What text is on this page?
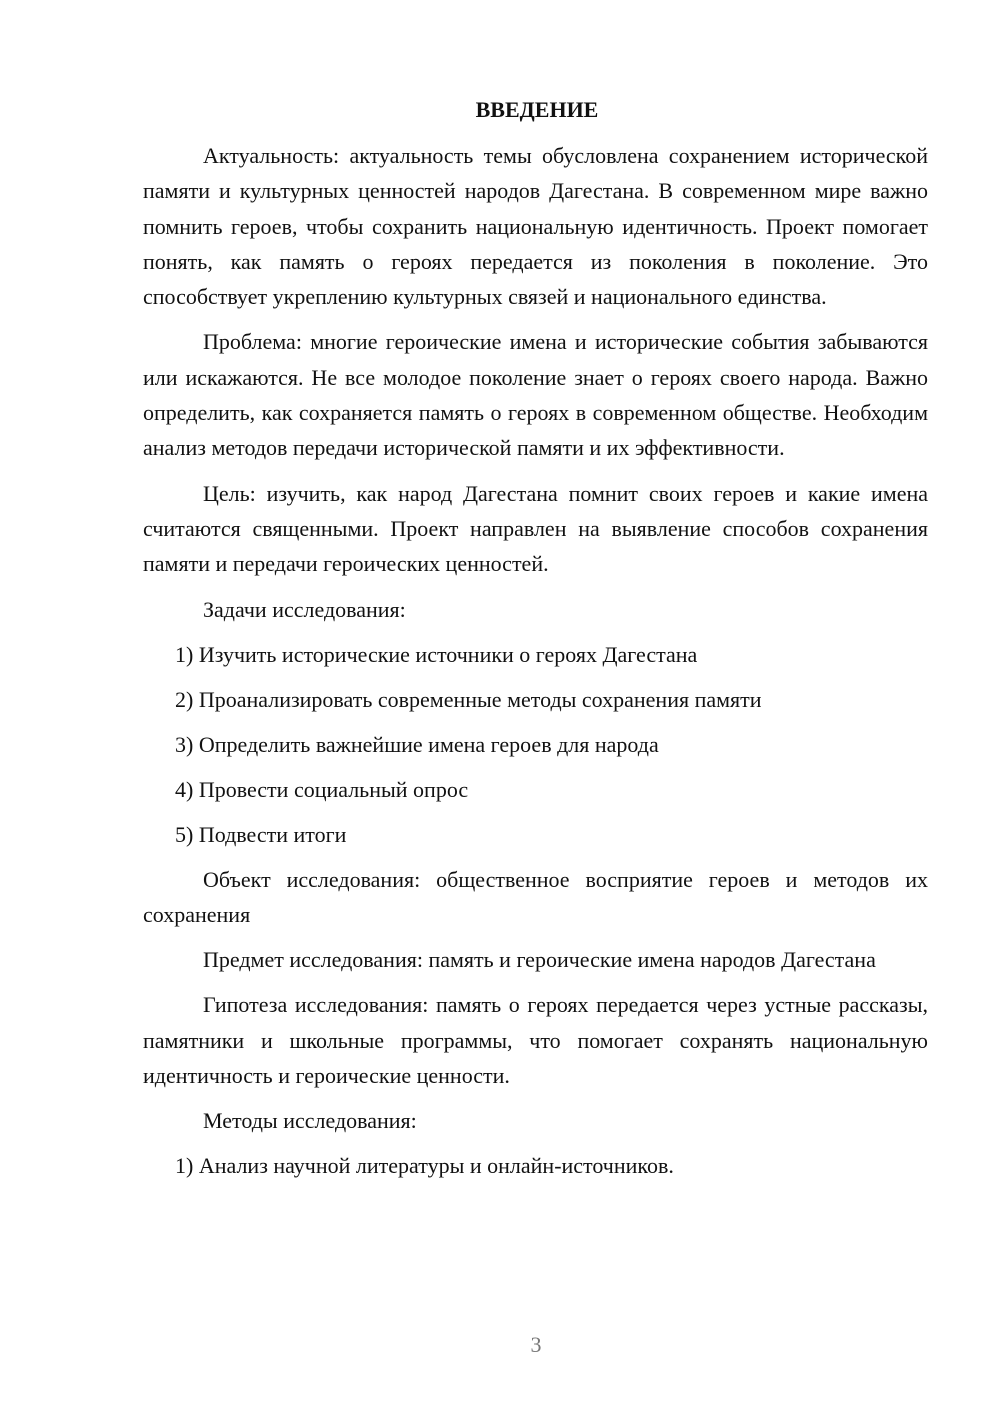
ВВЕДЕНИЕ

Актуальность: актуальность темы обусловлена сохранением исторической памяти и культурных ценностей народов Дагестана. В современном мире важно помнить героев, чтобы сохранить национальную идентичность. Проект помогает понять, как память о героях передается из поколения в поколение. Это способствует укреплению культурных связей и национального единства.

Проблема: многие героические имена и исторические события забываются или искажаются. Не все молодое поколение знает о героях своего народа. Важно определить, как сохраняется память о героях в современном обществе. Необходим анализ методов передачи исторической памяти и их эффективности.

Цель: изучить, как народ Дагестана помнит своих героев и какие имена считаются священными. Проект направлен на выявление способов сохранения памяти и передачи героических ценностей.

Задачи исследования:
1) Изучить исторические источники о героях Дагестана
2) Проанализировать современные методы сохранения памяти
3) Определить важнейшие имена героев для народа
4) Провести социальный опрос
5) Подвести итоги

Объект исследования: общественное восприятие героев и методов их сохранения

Предмет исследования: память и героические имена народов Дагестана

Гипотеза исследования: память о героях передается через устные рассказы, памятники и школьные программы, что помогает сохранять национальную идентичность и героические ценности.

Методы исследования:
1) Анализ научной литературы и онлайн-источников.
3
